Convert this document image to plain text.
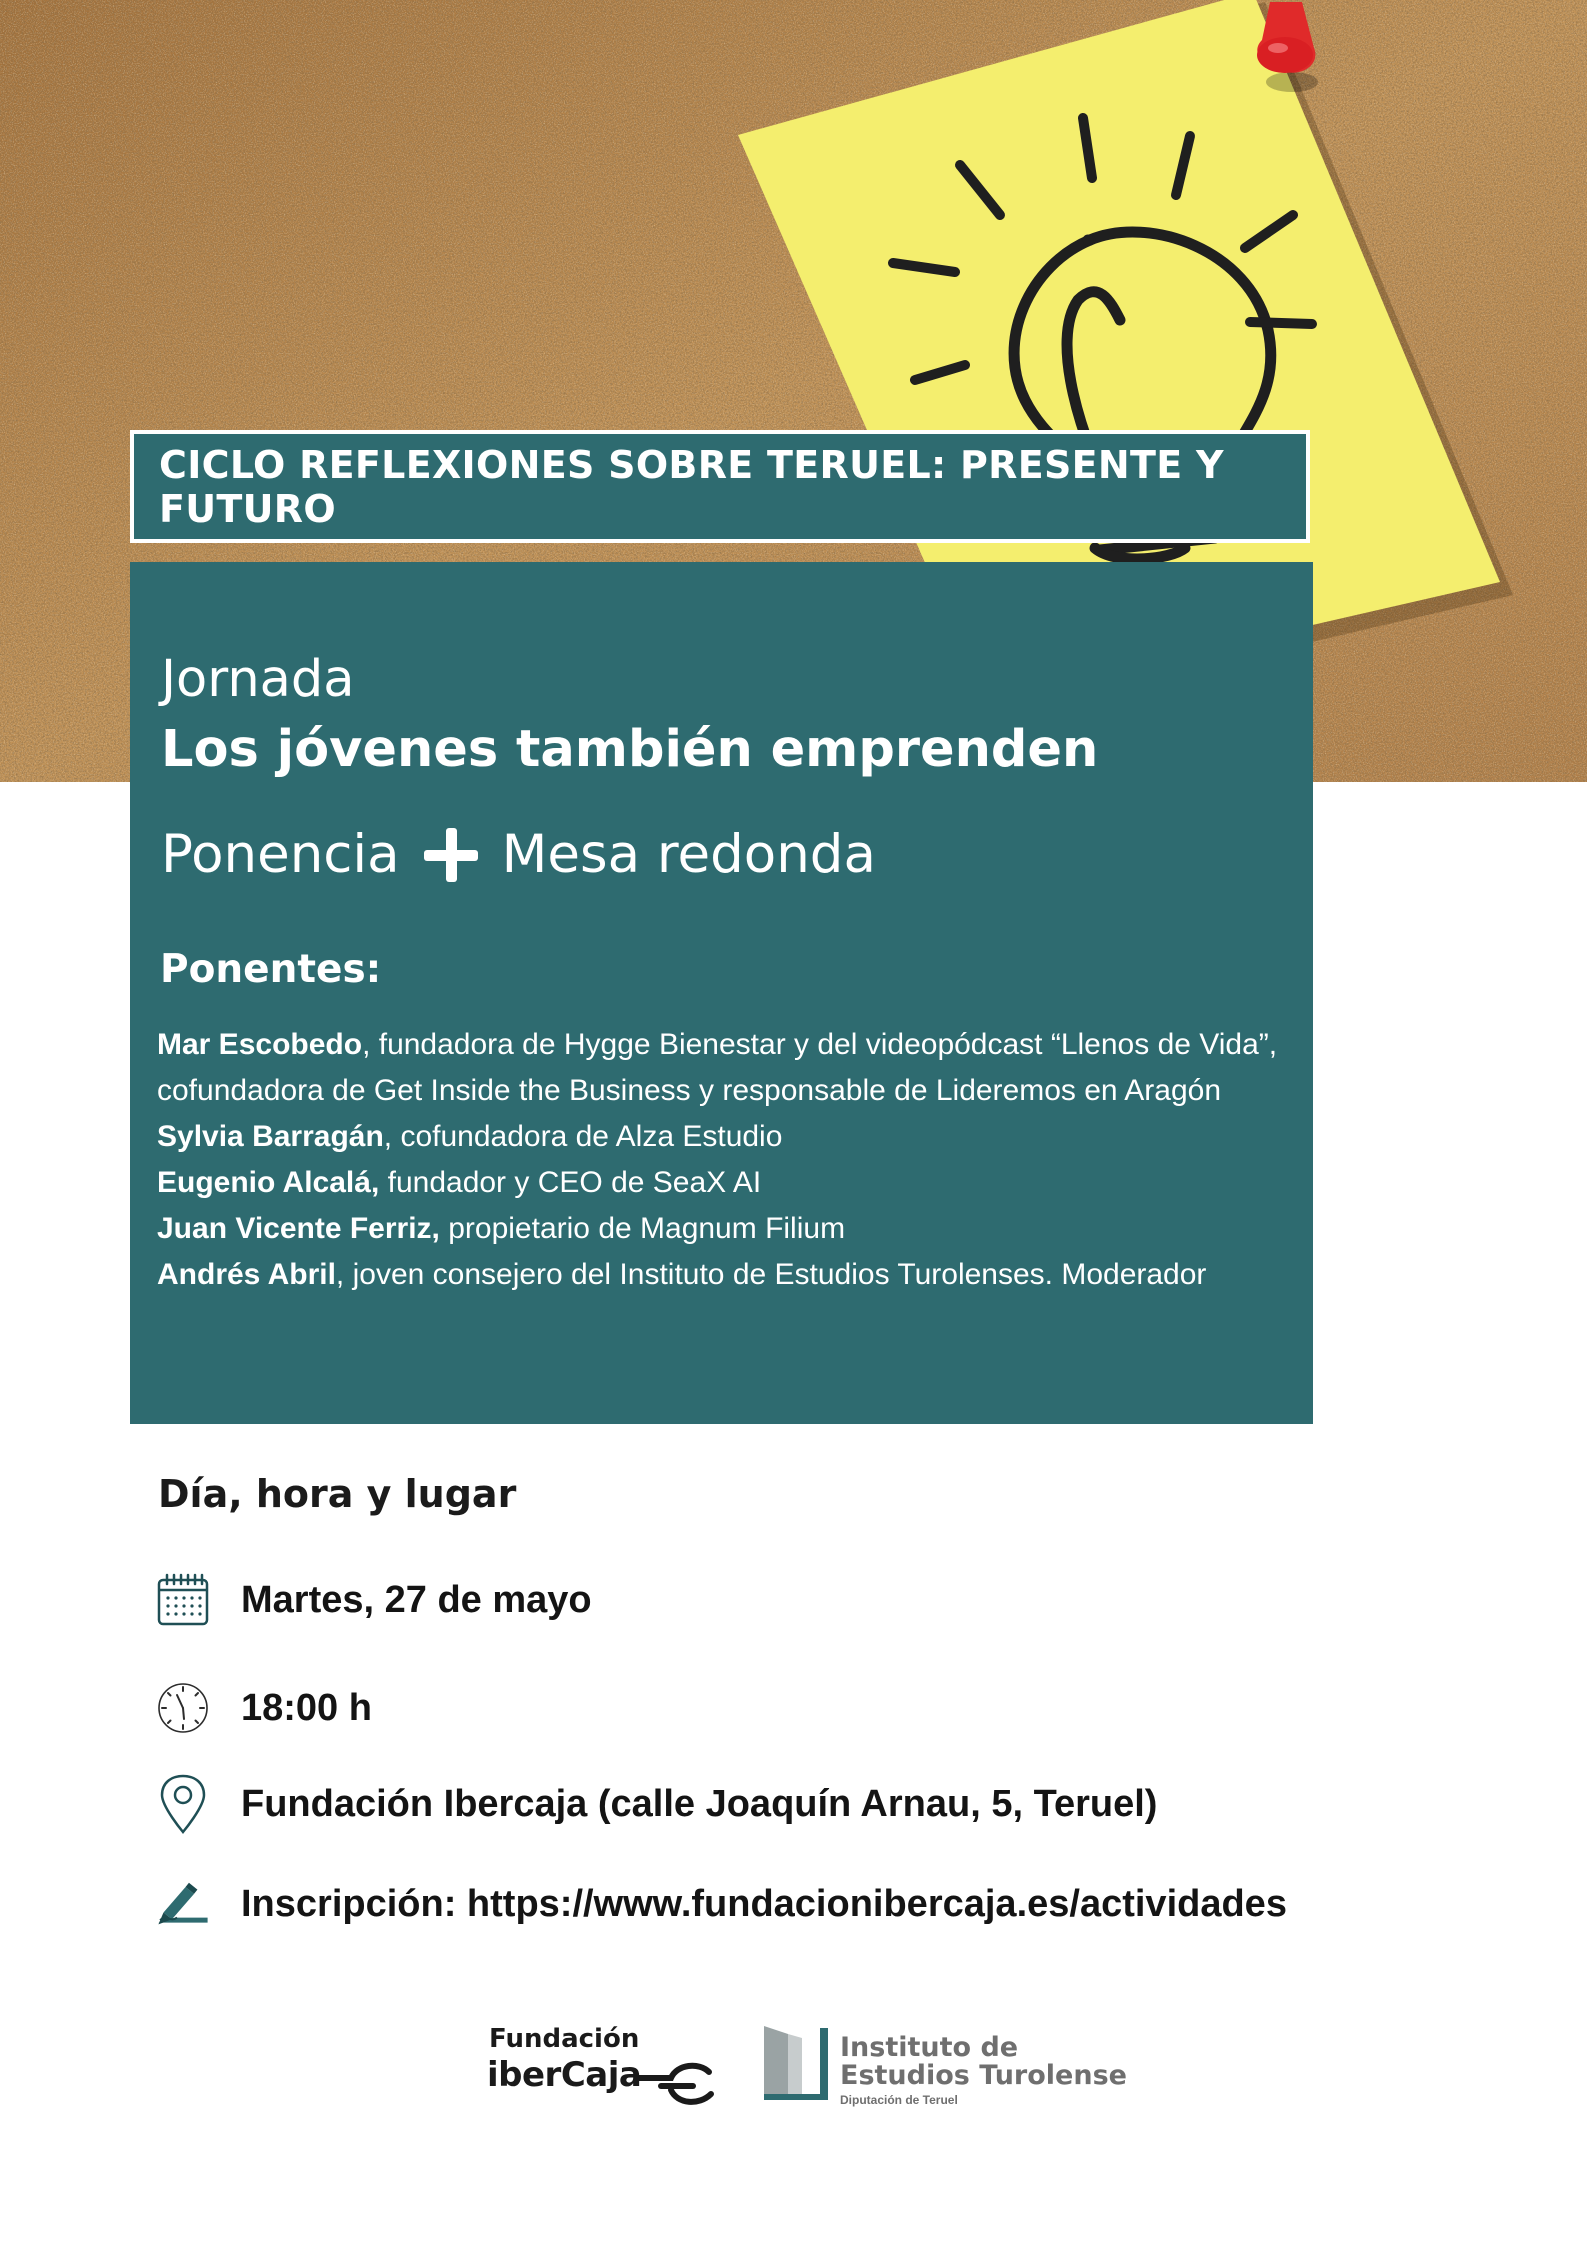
CICLO REFLEXIONES SOBRE TERUEL: PRESENTE Y FUTURO
Jornada
Los jóvenes también emprenden
Ponencia Mesa redonda
Ponentes:
Mar Escobedo, fundadora de Hygge Bienestar y del videopódcast “Llenos de Vida”, cofundadora de Get Inside the Business y responsable de Lideremos en Aragón
Sylvia Barragán, cofundadora de Alza Estudio
Eugenio Alcalá, fundador y CEO de SeaX AI
Juan Vicente Ferriz, propietario de Magnum Filium
Andrés Abril, joven consejero del Instituto de Estudios Turolenses. Moderador
Día, hora y lugar
Martes, 27 de mayo
18:00 h
Fundación Ibercaja (calle Joaquín Arnau, 5, Teruel)
Inscripción: https://www.fundacionibercaja.es/actividades
Fundación
iberCaja
Instituto de
Estudios Turolense
Diputación de Teruel
